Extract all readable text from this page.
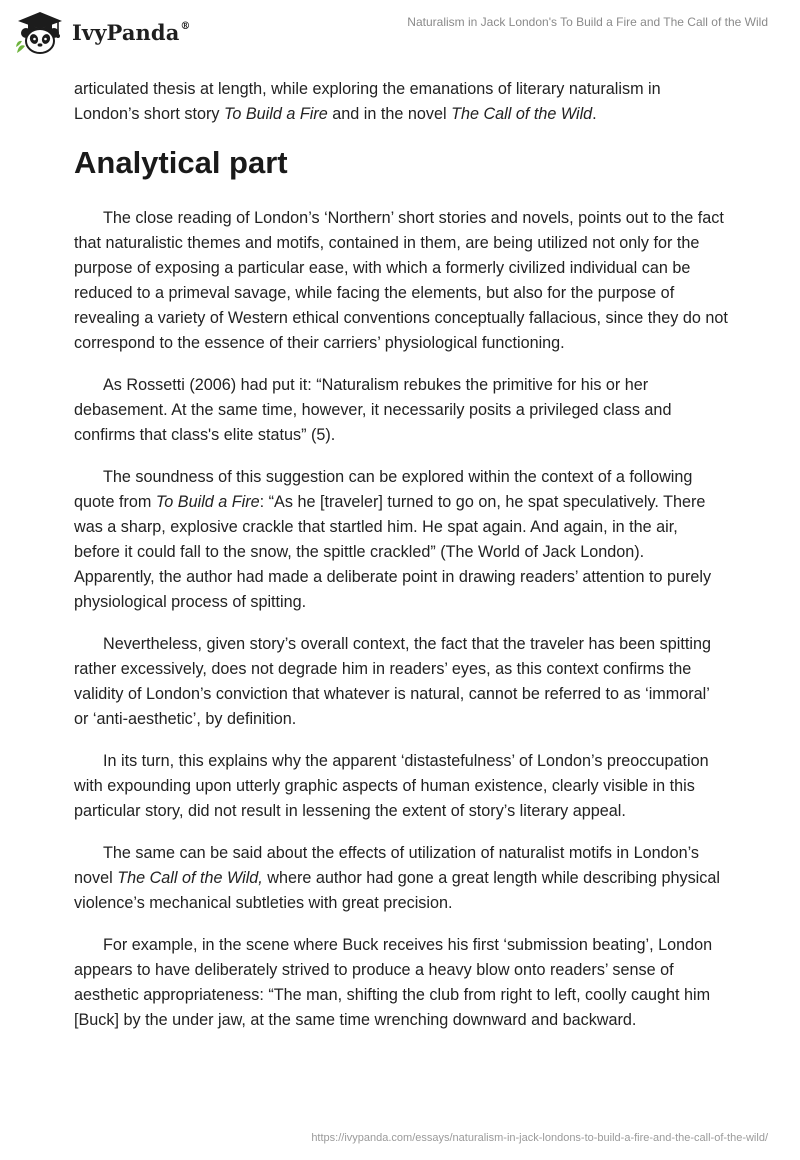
IvyPanda®	Naturalism in Jack London's To Build a Fire and The Call of the Wild

articulated thesis at length, while exploring the emanations of literary naturalism in London’s short story To Build a Fire and in the novel The Call of the Wild.

Analytical part

The close reading of London’s ‘Northern’ short stories and novels, points out to the fact that naturalistic themes and motifs, contained in them, are being utilized not only for the purpose of exposing a particular ease, with which a formerly civilized individual can be reduced to a primeval savage, while facing the elements, but also for the purpose of revealing a variety of Western ethical conventions conceptually fallacious, since they do not correspond to the essence of their carriers’ physiological functioning.

As Rossetti (2006) had put it: “Naturalism rebukes the primitive for his or her debasement. At the same time, however, it necessarily posits a privileged class and confirms that class's elite status” (5).

The soundness of this suggestion can be explored within the context of a following quote from To Build a Fire: “As he [traveler] turned to go on, he spat speculatively. There was a sharp, explosive crackle that startled him. He spat again. And again, in the air, before it could fall to the snow, the spittle crackled” (The World of Jack London). Apparently, the author had made a deliberate point in drawing readers’ attention to purely physiological process of spitting.

Nevertheless, given story’s overall context, the fact that the traveler has been spitting rather excessively, does not degrade him in readers’ eyes, as this context confirms the validity of London’s conviction that whatever is natural, cannot be referred to as ‘immoral’ or ‘anti-aesthetic’, by definition.

In its turn, this explains why the apparent ‘distastefulness’ of London’s preoccupation with expounding upon utterly graphic aspects of human existence, clearly visible in this particular story, did not result in lessening the extent of story’s literary appeal.

The same can be said about the effects of utilization of naturalist motifs in London’s novel The Call of the Wild, where author had gone a great length while describing physical violence’s mechanical subtleties with great precision.

For example, in the scene where Buck receives his first ‘submission beating’, London appears to have deliberately strived to produce a heavy blow onto readers’ sense of aesthetic appropriateness: “The man, shifting the club from right to left, coolly caught him [Buck] by the under jaw, at the same time wrenching downward and backward.

https://ivypanda.com/essays/naturalism-in-jack-londons-to-build-a-fire-and-the-call-of-the-wild/
